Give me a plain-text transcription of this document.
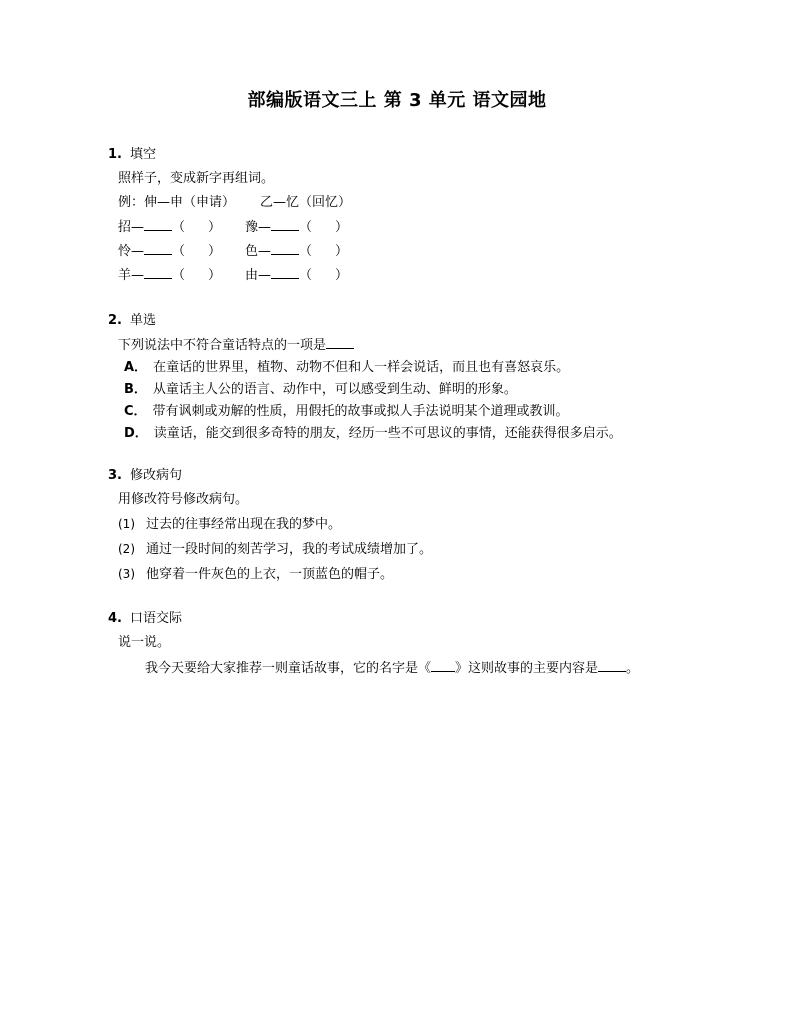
部编版语文三上 第 3 单元 语文园地
1. 填空
照样子，变成新字再组词。
例：伸—申（申请） 乙—忆（回忆）
招— （ ） 豫— （ ）
怜— （ ） 色— （ ）
羊— （ ） 由— （ ）
2. 单选
下列说法中不符合童话特点的一项是
A． 在童话的世界里，植物、动物不但和人一样会说话，而且也有喜怒哀乐。
B． 从童话主人公的语言、动作中，可以感受到生动、鲜明的形象。
C． 带有讽刺或劝解的性质，用假托的故事或拟人手法说明某个道理或教训。
D． 读童话，能交到很多奇特的朋友，经历一些不可思议的事情，还能获得很多启示。
3. 修改病句
用修改符号修改病句。
(1) 过去的往事经常出现在我的梦中。
(2) 通过一段时间的刻苦学习，我的考试成绩增加了。
(3) 他穿着一件灰色的上衣，一顶蓝色的帽子。
4. 口语交际
说一说。
我今天要给大家推荐一则童话故事，它的名字是《 》这则故事的主要内容是 。
